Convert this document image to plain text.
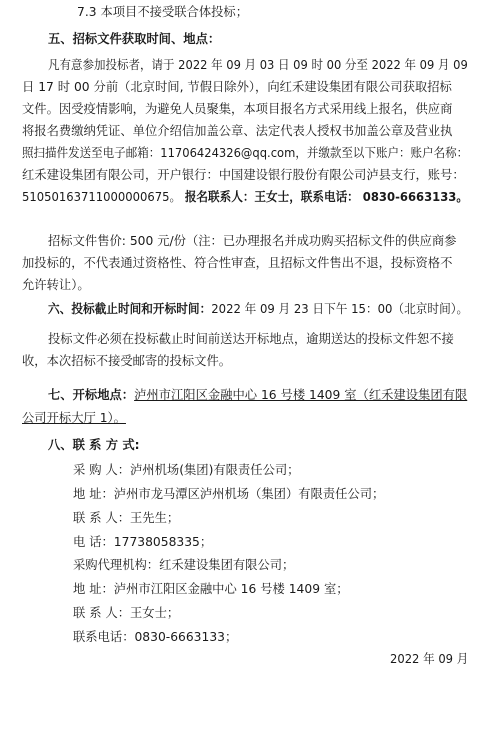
7.3 本项目不接受联合体投标；
五、招标文件获取时间、地点：
凡有意参加投标者，请于 2022 年 09 月 03 日 09 时 00 分至 2022 年 09 月 09
日 17 时 00 分前（北京时间, 节假日除外），向红禾建设集团有限公司获取招标
文件。因受疫情影响，为避免人员聚集，本项目报名方式采用线上报名，供应商
将报名费缴纳凭证、单位介绍信加盖公章、法定代表人授权书加盖公章及营业执
照扫描件发送至电子邮箱：11706424326@qq.com，并缴款至以下账户：账户名称：
红禾建设集团有限公司，开户银行：中国建设银行股份有限公司泸县支行，账号：
51050163711000000675。 报名联系人：王女士，联系电话： 0830-6663133。
招标文件售价: 500 元/份（注：已办理报名并成功购买招标文件的供应商参
加投标的，不代表通过资格性、符合性审查，且招标文件售出不退，投标资格不
允许转让）。
六、投标截止时间和开标时间：2022 年 09 月 23 日下午 15：00（北京时间）。
投标文件必须在投标截止时间前送达开标地点，逾期送达的投标文件恕不接
收，本次招标不接受邮寄的投标文件。
七、开标地点：泸州市江阳区金融中心 16 号楼 1409 室（红禾建设集团有限
公司开标大厅 1）。
八、联 系 方 式:
采 购 人：泸州机场(集团)有限责任公司；
地 址：泸州市龙马潭区泸州机场（集团）有限责任公司；
联 系 人：王先生；
电 话：17738058335；
采购代理机构：红禾建设集团有限公司；
地 址：泸州市江阳区金融中心 16 号楼 1409 室；
联 系 人：王女士；
联系电话：0830-6663133；
2022 年 09 月
